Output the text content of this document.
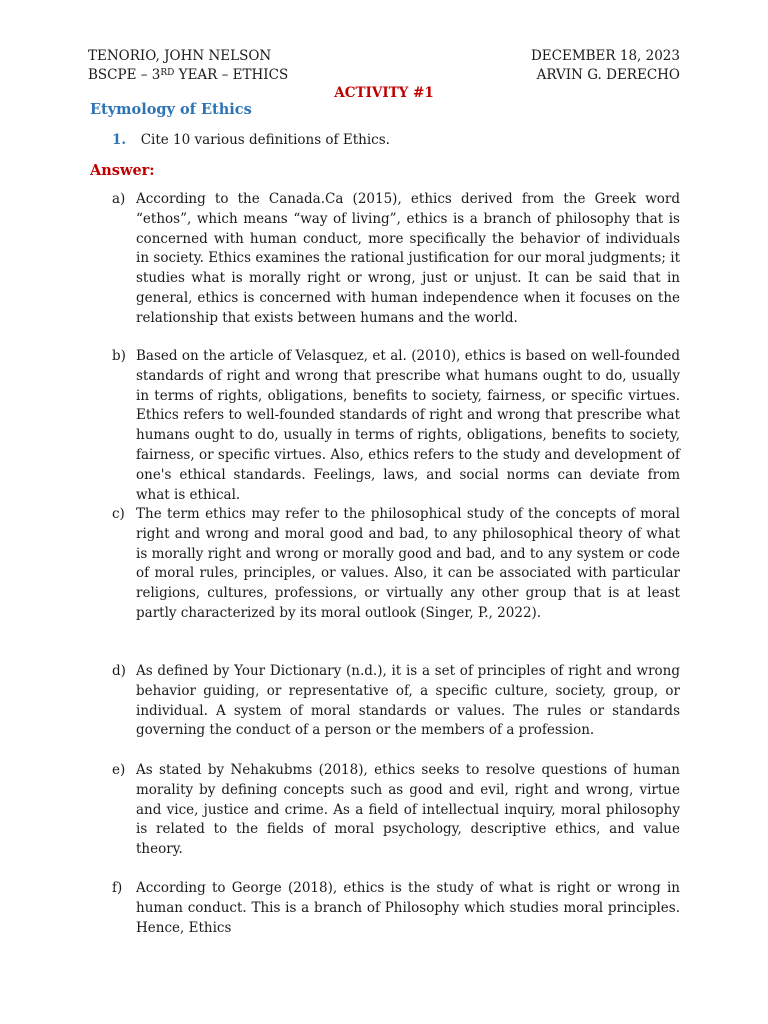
TENORIO, JOHN NELSON
BSCPE – 3RD YEAR – ETHICS
DECEMBER 18, 2023
ARVIN G. DERECHO
ACTIVITY #1
Etymology of Ethics
1. Cite 10 various definitions of Ethics.
Answer:
a) According to the Canada.Ca (2015), ethics derived from the Greek word “ethos”, which means “way of living”, ethics is a branch of philosophy that is concerned with human conduct, more specifically the behavior of individuals in society. Ethics examines the rational justification for our moral judgments; it studies what is morally right or wrong, just or unjust. It can be said that in general, ethics is concerned with human independence when it focuses on the relationship that exists between humans and the world.
b) Based on the article of Velasquez, et al. (2010), ethics is based on well-founded standards of right and wrong that prescribe what humans ought to do, usually in terms of rights, obligations, benefits to society, fairness, or specific virtues. Ethics refers to well-founded standards of right and wrong that prescribe what humans ought to do, usually in terms of rights, obligations, benefits to society, fairness, or specific virtues. Also, ethics refers to the study and development of one's ethical standards. Feelings, laws, and social norms can deviate from what is ethical.
c) The term ethics may refer to the philosophical study of the concepts of moral right and wrong and moral good and bad, to any philosophical theory of what is morally right and wrong or morally good and bad, and to any system or code of moral rules, principles, or values. Also, it can be associated with particular religions, cultures, professions, or virtually any other group that is at least partly characterized by its moral outlook (Singer, P., 2022).
d) As defined by Your Dictionary (n.d.), it is a set of principles of right and wrong behavior guiding, or representative of, a specific culture, society, group, or individual. A system of moral standards or values. The rules or standards governing the conduct of a person or the members of a profession.
e) As stated by Nehakubms (2018), ethics seeks to resolve questions of human morality by defining concepts such as good and evil, right and wrong, virtue and vice, justice and crime. As a field of intellectual inquiry, moral philosophy is related to the fields of moral psychology, descriptive ethics, and value theory.
f) According to George (2018), ethics is the study of what is right or wrong in human conduct. This is a branch of Philosophy which studies moral principles. Hence, Ethics
